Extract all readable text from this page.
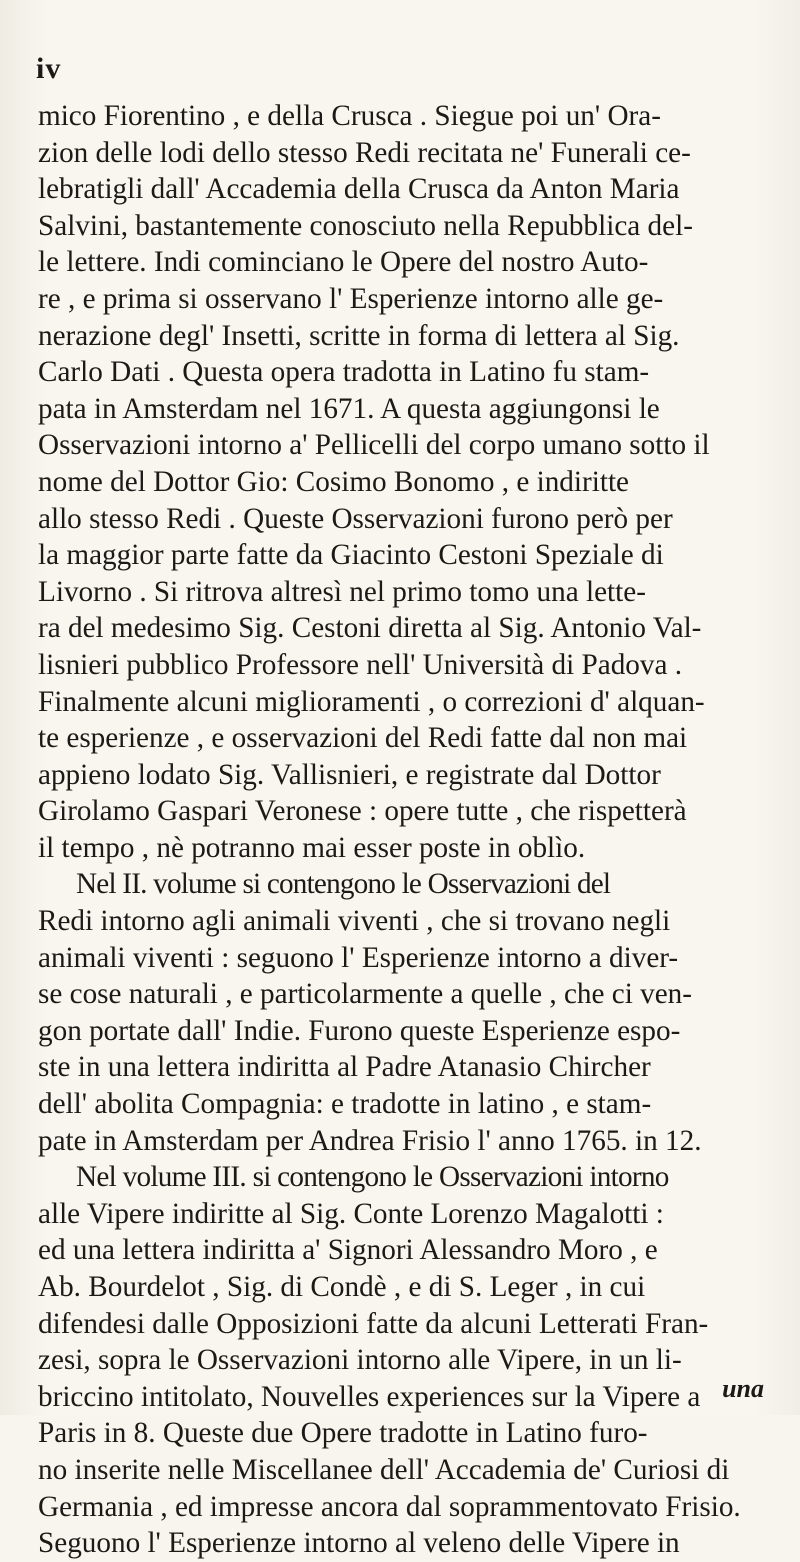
iv
mico Fiorentino , e della Crusca . Siegue poi un' Ora-
zion delle lodi dello stesso Redi recitata ne' Funerali ce-
lebratigli dall' Accademia della Crusca da Anton Maria
Salvini, bastantemente conosciuto nella Repubblica del-
le lettere. Indi cominciano le Opere del nostro Auto-
re , e prima si osservano l' Esperienze intorno alle ge-
nerazione degl' Insetti, scritte in forma di lettera al Sig.
Carlo Dati . Questa opera tradotta in Latino fu stam-
pata in Amsterdam nel 1671. A questa aggiungonsi le
Osservazioni intorno a' Pellicelli del corpo umano sotto il
nome del Dottor Gio: Cosimo Bonomo , e indiritte
allo stesso Redi . Queste Osservazioni furono però per
la maggior parte fatte da Giacinto Cestoni Speziale di
Livorno . Si ritrova altresì nel primo tomo una lette-
ra del medesimo Sig. Cestoni diretta al Sig. Antonio Val-
lisnieri pubblico Professore nell' Università di Padova .
Finalmente alcuni miglioramenti , o correzioni d' alquan-
te esperienze , e osservazioni del Redi fatte dal non mai
appieno lodato Sig. Vallisnieri, e registrate dal Dottor
Girolamo Gaspari Veronese : opere tutte , che rispetterà
il tempo , nè potranno mai esser poste in oblìo.
Nel II. volume si contengono le Osservazioni del
Redi intorno agli animali viventi , che si trovano negli
animali viventi : seguono l' Esperienze intorno a diver-
se cose naturali , e particolarmente a quelle , che ci ven-
gon portate dall' Indie. Furono queste Esperienze espo-
ste in una lettera indiritta al Padre Atanasio Chircher
dell' abolita Compagnia: e tradotte in latino , e stam-
pate in Amsterdam per Andrea Frisio l' anno 1765. in 12.
Nel volume III. si contengono le Osservazioni intorno
alle Vipere indiritte al Sig. Conte Lorenzo Magalotti :
ed una lettera indiritta a' Signori Alessandro Moro , e
Ab. Bourdelot , Sig. di Condè , e di S. Leger , in cui
difendesi dalle Opposizioni fatte da alcuni Letterati Fran-
zesi, sopra le Osservazioni intorno alle Vipere, in un li-
briccino intitolato, Nouvelles experiences sur la Vipere a
Paris in 8. Queste due Opere tradotte in Latino furo-
no inserite nelle Miscellanee dell' Accademia de' Curiosi di
Germania , ed impresse ancora dal soprammentovato Frisio.
Seguono l' Esperienze intorno al veleno delle Vipere in
una
